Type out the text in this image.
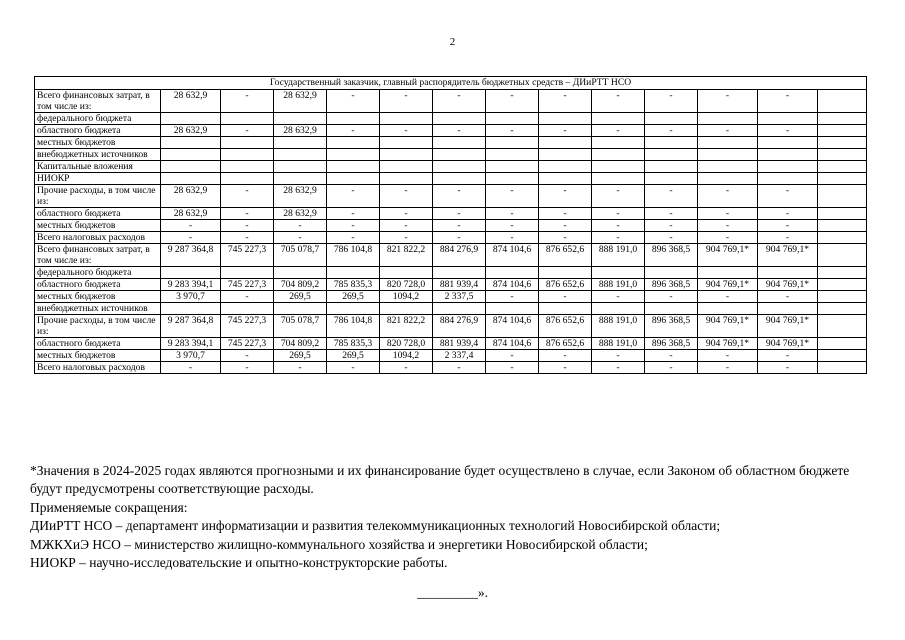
2
Государственный заказчик, главный распорядитель бюджетных средств – ДИиРТТ НСО													
Всего финансовых затрат, в том числе из:	28 632,9	-	28 632,9	-	-	-	-	-	-	-	-	-	
федерального бюджета													
областного бюджета	28 632,9	-	28 632,9	-	-	-	-	-	-	-	-	-	
местных бюджетов													
внебюджетных источников													
Капитальные вложения													
НИОКР													
Прочие расходы, в том числе из:	28 632,9	-	28 632,9	-	-	-	-	-	-	-	-	-	
областного бюджета	28 632,9	-	28 632,9	-	-	-	-	-	-	-	-	-	
местных бюджетов	-	-	-	-	-	-	-	-	-	-	-	-	
Всего налоговых расходов	-	-	-	-	-	-	-	-	-	-	-	-	
Всего финансовых затрат, в том числе из:	9 287 364,8	745 227,3	705 078,7	786 104,8	821 822,2	884 276,9	874 104,6	876 652,6	888 191,0	896 368,5	904 769,1*	904 769,1*	
федерального бюджета													
областного бюджета	9 283 394,1	745 227,3	704 809,2	785 835,3	820 728,0	881 939,4	874 104,6	876 652,6	888 191,0	896 368,5	904 769,1*	904 769,1*	
местных бюджетов	3 970,7	-	269,5	269,5	1094,2	2 337,5	-	-	-	-	-	-	
внебюджетных источников													
Прочие расходы, в том числе из:	9 287 364,8	745 227,3	705 078,7	786 104,8	821 822,2	884 276,9	874 104,6	876 652,6	888 191,0	896 368,5	904 769,1*	904 769,1*	
областного бюджета	9 283 394,1	745 227,3	704 809,2	785 835,3	820 728,0	881 939,4	874 104,6	876 652,6	888 191,0	896 368,5	904 769,1*	904 769,1*	
местных бюджетов	3 970,7	-	269,5	269,5	1094,2	2 337,4	-	-	-	-	-	-	
Всего налоговых расходов	-	-	-	-	-	-	-	-	-	-	-	-	

*Значения в 2024-2025 годах являются прогнозными и их финансирование будет осуществлено в случае, если Законом об областном бюджете будут предусмотрены соответствующие расходы.

Применяемые сокращения:

ДИиРТТ НСО – департамент информатизации и развития телекоммуникационных технологий Новосибирской области;

МЖКХиЭ НСО – министерство жилищно-коммунального хозяйства и энергетики Новосибирской области;

НИОКР – научно-исследовательские и опытно-конструкторские работы.

_________».
